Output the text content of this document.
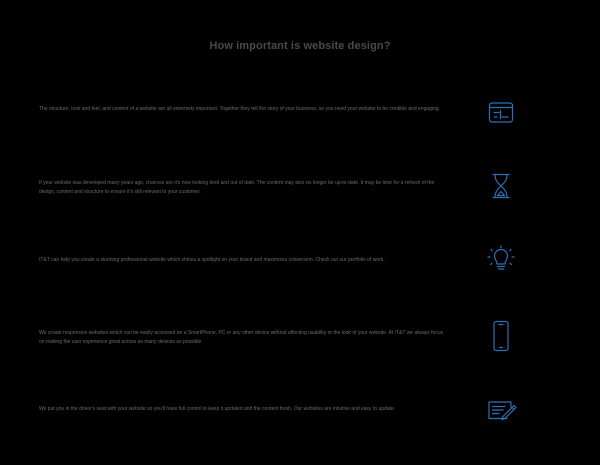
How important is website design?

The structure, look and feel, and content of a website are all extremely important. Together they tell the story of your business, so you need your website to be credible and engaging.

If your website was developed many years ago, chances are it's now looking tired and out of date. The content may also no longer be up-to-date. It may be time for a refresh of the design, content and structure to ensure it's still relevant to your customer.

IT&T can help you create a stunning professional website which shines a spotlight on your brand and maximises conversion. Check out our portfolio of work.

We create responsive websites which can be easily accessed on a SmartPhone, PC or any other device without affecting usability or the look of your website. At IT&T we always focus on making the user experience great across as many devices as possible.

We put you in the driver's seat with your website so you'll have full control to keep it updated and the content fresh. Our websites are intuitive and easy to update.
